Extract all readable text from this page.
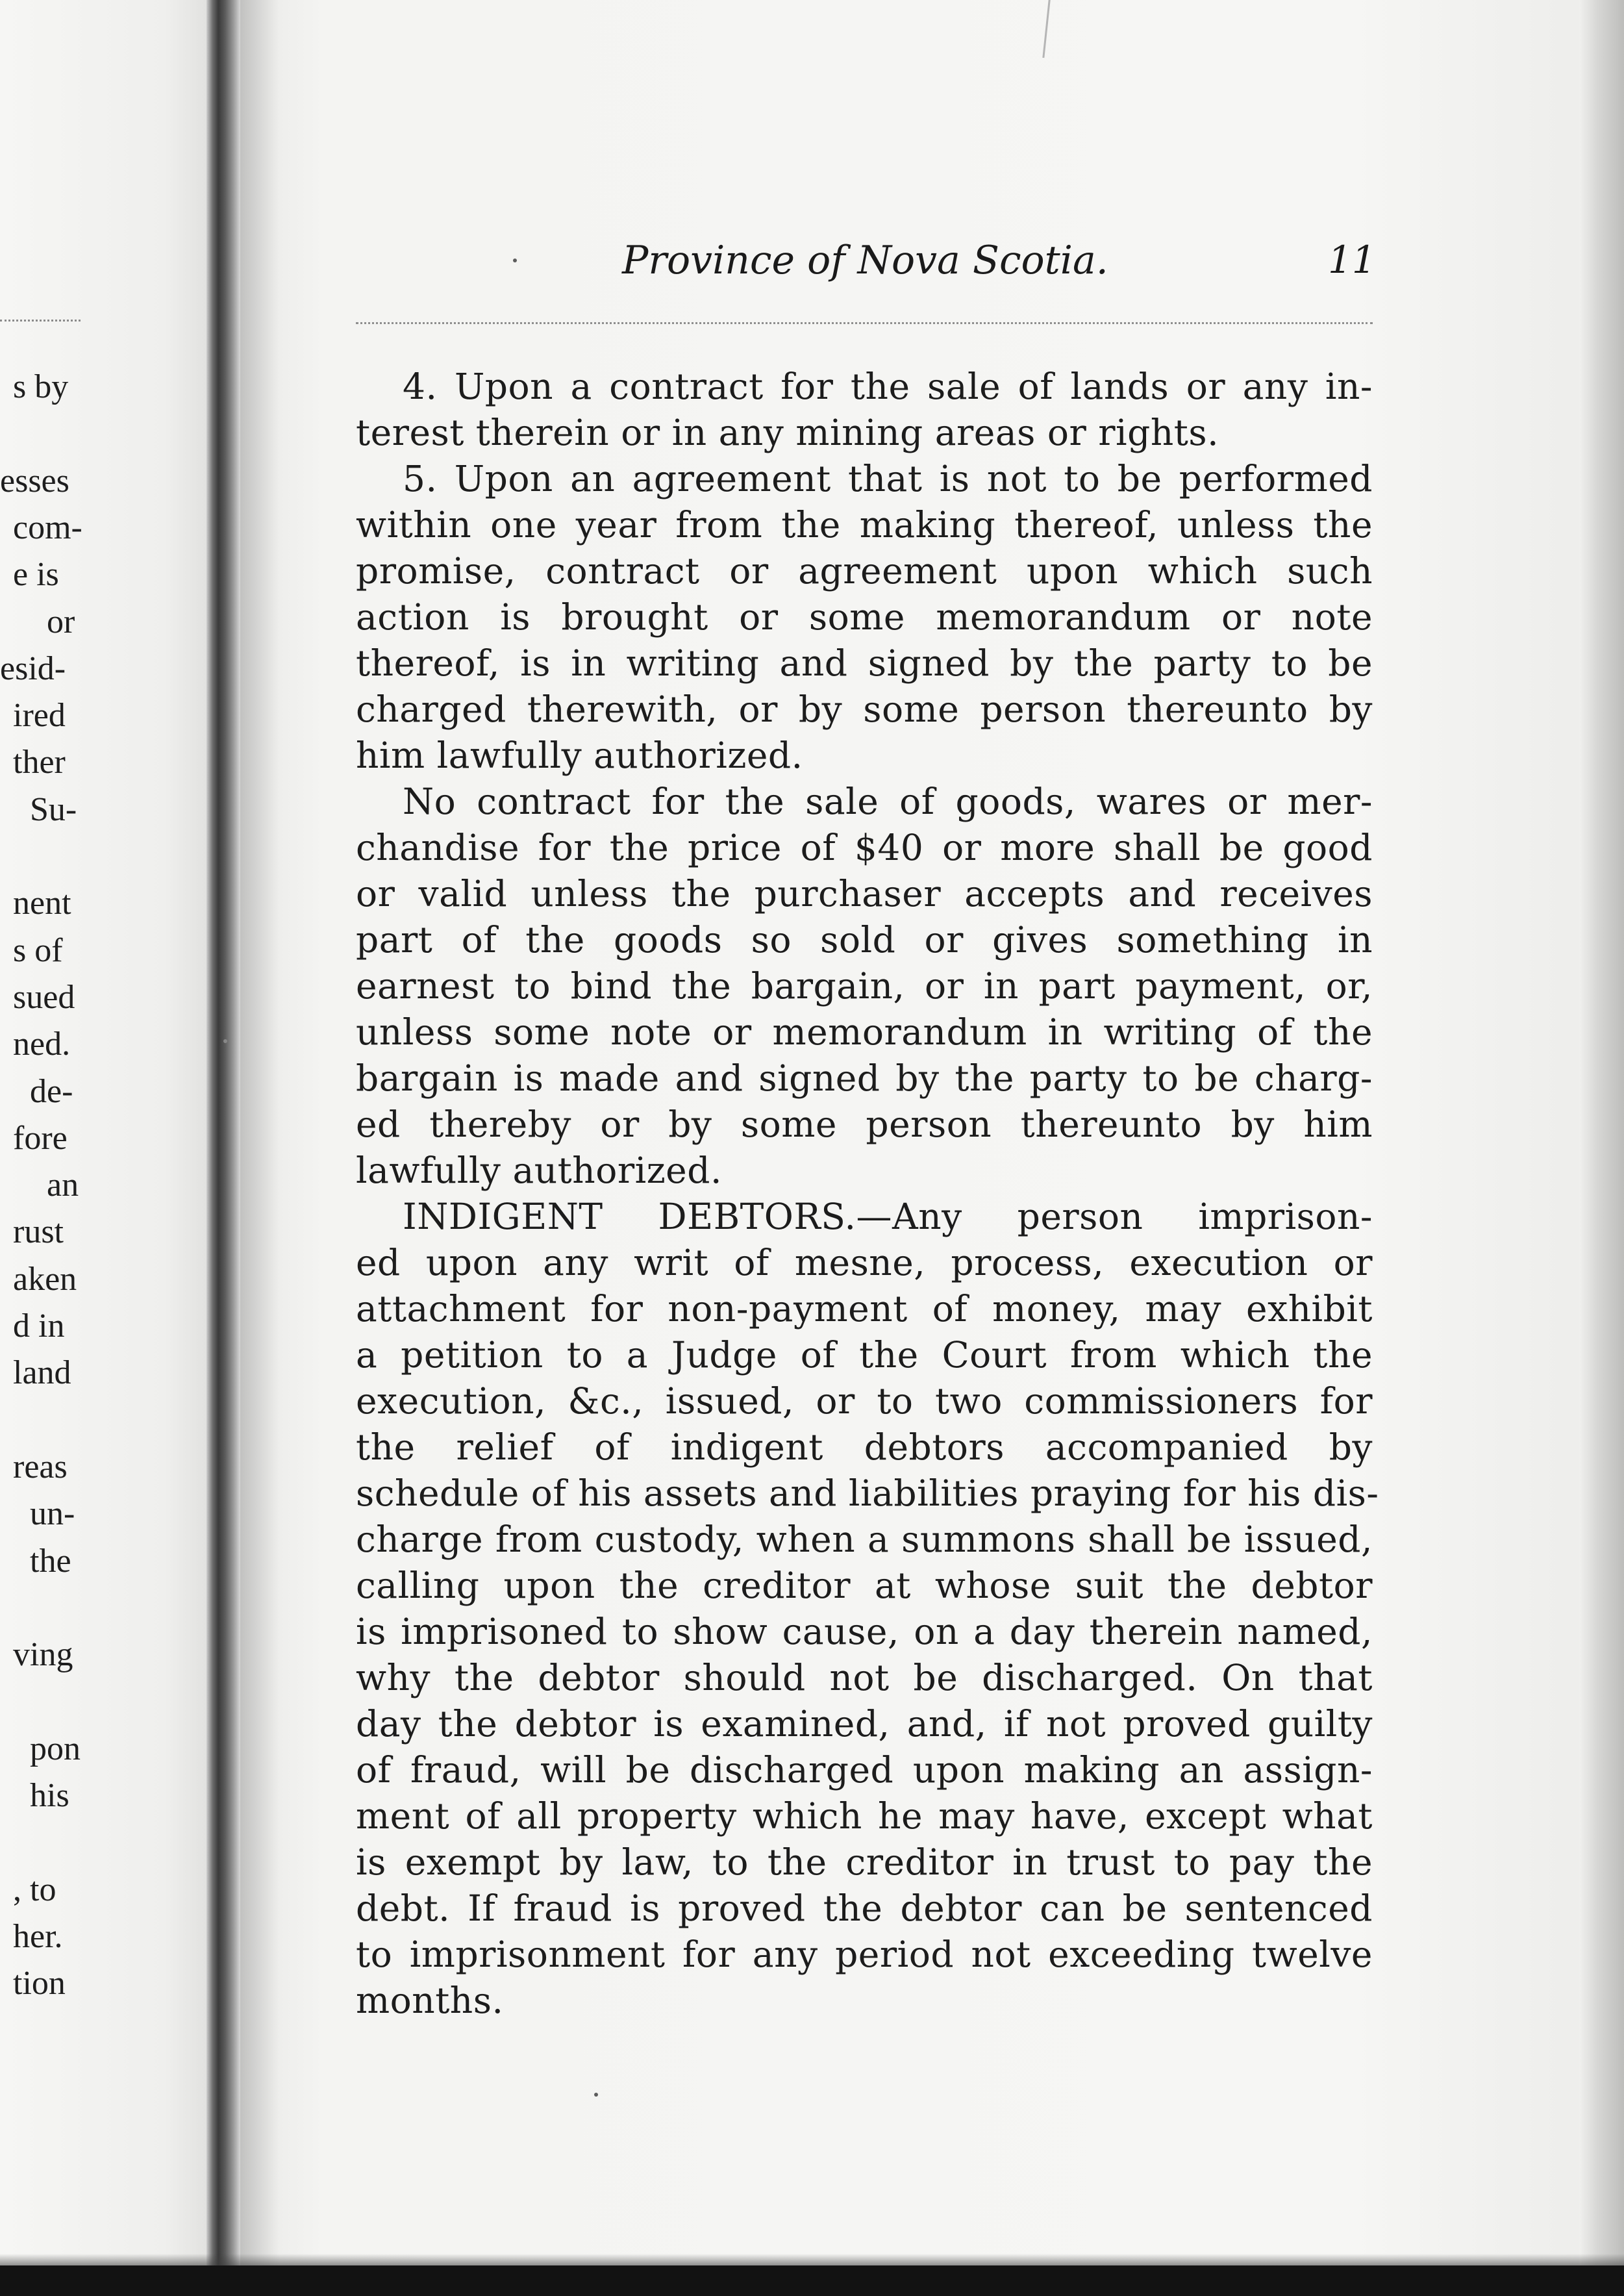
s by
esses
com-
e is
or
esid-
ired
ther
Su-
nent
s of
sued
ned.
de-
fore
an
rust
aken
d in
land
reas
un-
the
ving
pon
his
, to
her.
tion
Province of Nova Scotia.	11
4. Upon a contract for the sale of lands or any in-
terest therein or in any mining areas or rights.
5. Upon an agreement that is not to be performed
within one year from the making thereof, unless the
promise, contract or agreement upon which such
action is brought or some memorandum or note
thereof, is in writing and signed by the party to be
charged therewith, or by some person thereunto by
him lawfully authorized.
No contract for the sale of goods, wares or mer-
chandise for the price of $40 or more shall be good
or valid unless the purchaser accepts and receives
part of the goods so sold or gives something in
earnest to bind the bargain, or in part payment, or,
unless some note or memorandum in writing of the
bargain is made and signed by the party to be charg-
ed thereby or by some person thereunto by him
lawfully authorized.
INDIGENT DEBTORS.—Any person imprison-
ed upon any writ of mesne, process, execution or
attachment for non-payment of money, may exhibit
a petition to a Judge of the Court from which the
execution, &c., issued, or to two commissioners for
the relief of indigent debtors accompanied by
schedule of his assets and liabilities praying for his dis-
charge from custody, when a summons shall be issued,
calling upon the creditor at whose suit the debtor
is imprisoned to show cause, on a day therein named,
why the debtor should not be discharged. On that
day the debtor is examined, and, if not proved guilty
of fraud, will be discharged upon making an assign-
ment of all property which he may have, except what
is exempt by law, to the creditor in trust to pay the
debt. If fraud is proved the debtor can be sentenced
to imprisonment for any period not exceeding twelve
months.
